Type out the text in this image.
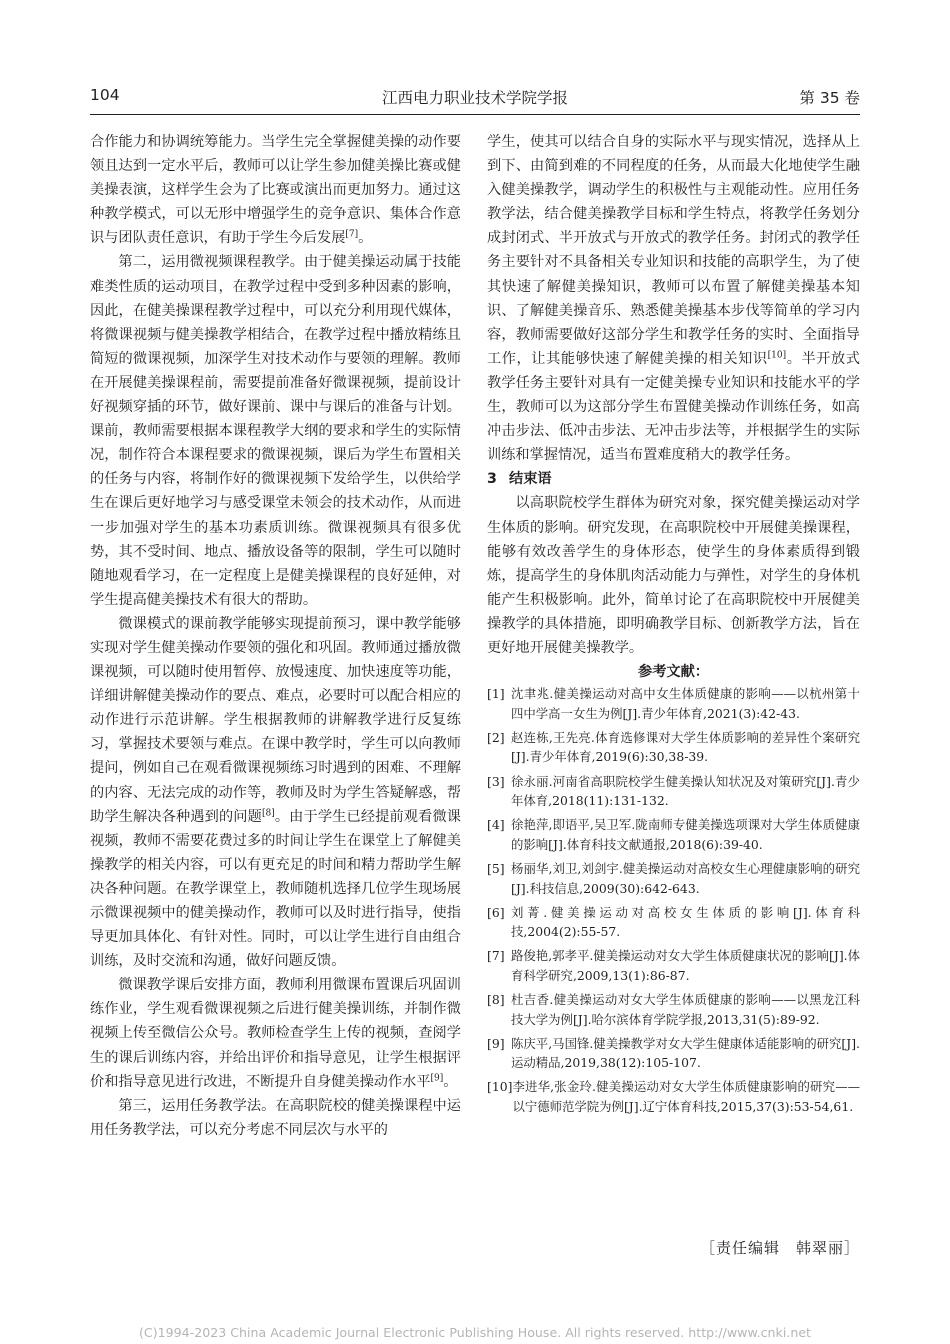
104	江西电力职业技术学院学报	第 35 卷

合作能力和协调统筹能力。当学生完全掌握健美操的动作要领且达到一定水平后，教师可以让学生参加健美操比赛或健美操表演，这样学生会为了比赛或演出而更加努力。通过这种教学模式，可以无形中增强学生的竞争意识、集体合作意识与团队责任意识，有助于学生今后发展[7]。

第二，运用微视频课程教学。由于健美操运动属于技能难类性质的运动项目，在教学过程中受到多种因素的影响，因此，在健美操课程教学过程中，可以充分利用现代媒体，将微课视频与健美操教学相结合，在教学过程中播放精练且简短的微课视频，加深学生对技术动作与要领的理解。教师在开展健美操课程前，需要提前准备好微课视频，提前设计好视频穿插的环节，做好课前、课中与课后的准备与计划。课前，教师需要根据本课程教学大纲的要求和学生的实际情况，制作符合本课程要求的微课视频，课后为学生布置相关的任务与内容，将制作好的微课视频下发给学生，以供给学生在课后更好地学习与感受课堂未领会的技术动作，从而进一步加强对学生的基本功素质训练。微课视频具有很多优势，其不受时间、地点、播放设备等的限制，学生可以随时随地观看学习，在一定程度上是健美操课程的良好延伸，对学生提高健美操技术有很大的帮助。

微课模式的课前教学能够实现提前预习，课中教学能够实现对学生健美操动作要领的强化和巩固。教师通过播放微课视频，可以随时使用暂停、放慢速度、加快速度等功能，详细讲解健美操动作的要点、难点，必要时可以配合相应的动作进行示范讲解。学生根据教师的讲解教学进行反复练习，掌握技术要领与难点。在课中教学时，学生可以向教师提问，例如自己在观看微课视频练习时遇到的困难、不理解的内容、无法完成的动作等，教师及时为学生答疑解惑，帮助学生解决各种遇到的问题[8]。由于学生已经提前观看微课视频，教师不需要花费过多的时间让学生在课堂上了解健美操教学的相关内容，可以有更充足的时间和精力帮助学生解决各种问题。在教学课堂上，教师随机选择几位学生现场展示微课视频中的健美操动作，教师可以及时进行指导，使指导更加具体化、有针对性。同时，可以让学生进行自由组合训练，及时交流和沟通，做好问题反馈。

微课教学课后安排方面，教师利用微课布置课后巩固训练作业，学生观看微课视频之后进行健美操训练，并制作微视频上传至微信公众号。教师检查学生上传的视频，查阅学生的课后训练内容，并给出评价和指导意见，让学生根据评价和指导意见进行改进，不断提升自身健美操动作水平[9]。

第三，运用任务教学法。在高职院校的健美操课程中运用任务教学法，可以充分考虑不同层次与水平的

学生，使其可以结合自身的实际水平与现实情况，选择从上到下、由简到难的不同程度的任务，从而最大化地使学生融入健美操教学，调动学生的积极性与主观能动性。应用任务教学法，结合健美操教学目标和学生特点，将教学任务划分成封闭式、半开放式与开放式的教学任务。封闭式的教学任务主要针对不具备相关专业知识和技能的高职学生，为了使其快速了解健美操知识，教师可以布置了解健美操基本知识、了解健美操音乐、熟悉健美操基本步伐等简单的学习内容，教师需要做好这部分学生和教学任务的实时、全面指导工作，让其能够快速了解健美操的相关知识[10]。半开放式教学任务主要针对具有一定健美操专业知识和技能水平的学生，教师可以为这部分学生布置健美操动作训练任务，如高冲击步法、低冲击步法、无冲击步法等，并根据学生的实际训练和掌握情况，适当布置难度稍大的教学任务。

3 结束语

以高职院校学生群体为研究对象，探究健美操运动对学生体质的影响。研究发现，在高职院校中开展健美操课程，能够有效改善学生的身体形态，使学生的身体素质得到锻炼，提高学生的身体肌肉活动能力与弹性，对学生的身体机能产生积极影响。此外，简单讨论了在高职院校中开展健美操教学的具体措施，即明确教学目标、创新教学方法，旨在更好地开展健美操教学。

参考文献：

[1] 沈聿兆.健美操运动对高中女生体质健康的影响——以杭州第十四中学高一女生为例[J].青少年体育,2021(3):42-43.
[2] 赵连栋,王先亮.体育选修课对大学生体质影响的差异性个案研究[J].青少年体育,2019(6):30,38-39.
[3] 徐永丽.河南省高职院校学生健美操认知状况及对策研究[J].青少年体育,2018(11):131-132.
[4] 徐艳萍,即语平,吴卫军.陇南师专健美操选项课对大学生体质健康的影响[J].体育科技文献通报,2018(6):39-40.
[5] 杨丽华,刘卫,刘剑宇.健美操运动对高校女生心理健康影响的研究[J].科技信息,2009(30):642-643.
[6] 刘菁.健美操运动对高校女生体质的影响[J].体育科技,2004(2):55-57.
[7] 路俊艳,郭孝平.健美操运动对女大学生体质健康状况的影响[J].体育科学研究,2009,13(1):86-87.
[8] 杜吉香.健美操运动对女大学生体质健康的影响——以黑龙江科技大学为例[J].哈尔滨体育学院学报,2013,31(5):89-92.
[9] 陈庆平,马国锋.健美操教学对女大学生健康体适能影响的研究[J].运动精品,2019,38(12):105-107.
[10] 李进华,张金玲.健美操运动对女大学生体质健康影响的研究——以宁德师范学院为例[J].辽宁体育科技,2015,37(3):53-54,61.
［责任编辑　韩翠丽］
(C)1994-2023 China Academic Journal Electronic Publishing House. All rights reserved. http://www.cnki.net
